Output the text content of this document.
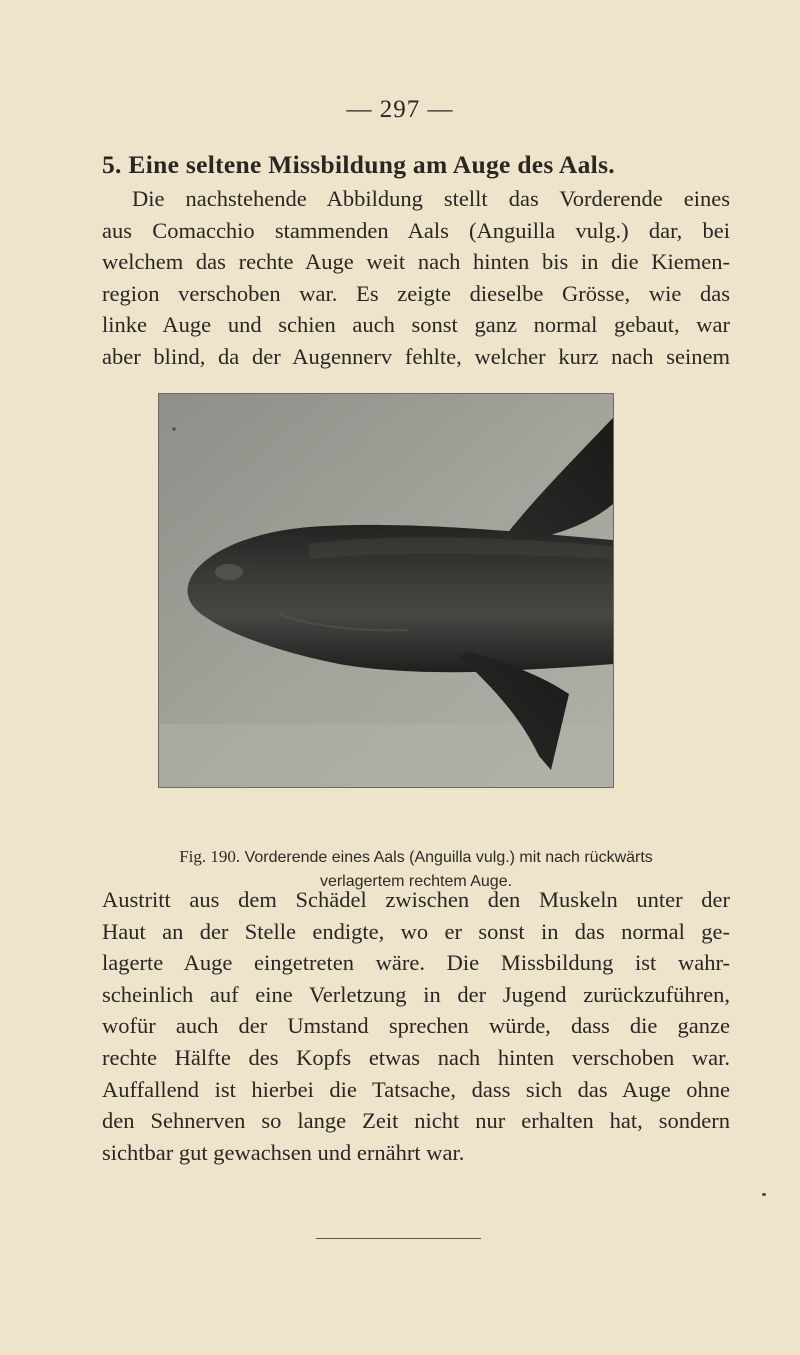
— 297 —
5. Eine seltene Missbildung am Auge des Aals.
Die nachstehende Abbildung stellt das Vorderende eines
aus Comacchio stammenden Aals (Anguilla vulg.) dar, bei
welchem das rechte Auge weit nach hinten bis in die Kiemen-
region verschoben war. Es zeigte dieselbe Grösse, wie das
linke Auge und schien auch sonst ganz normal gebaut, war
aber blind, da der Augennerv fehlte, welcher kurz nach seinem
Fig. 190. Vorderende eines Aals (Anguilla vulg.) mit nach rückwärts
verlagertem rechtem Auge.
Austritt aus dem Schädel zwischen den Muskeln unter der
Haut an der Stelle endigte, wo er sonst in das normal ge-
lagerte Auge eingetreten wäre. Die Missbildung ist wahr-
scheinlich auf eine Verletzung in der Jugend zurückzuführen,
wofür auch der Umstand sprechen würde, dass die ganze
rechte Hälfte des Kopfs etwas nach hinten verschoben war.
Auffallend ist hierbei die Tatsache, dass sich das Auge ohne
den Sehnerven so lange Zeit nicht nur erhalten hat, sondern
sichtbar gut gewachsen und ernährt war.
